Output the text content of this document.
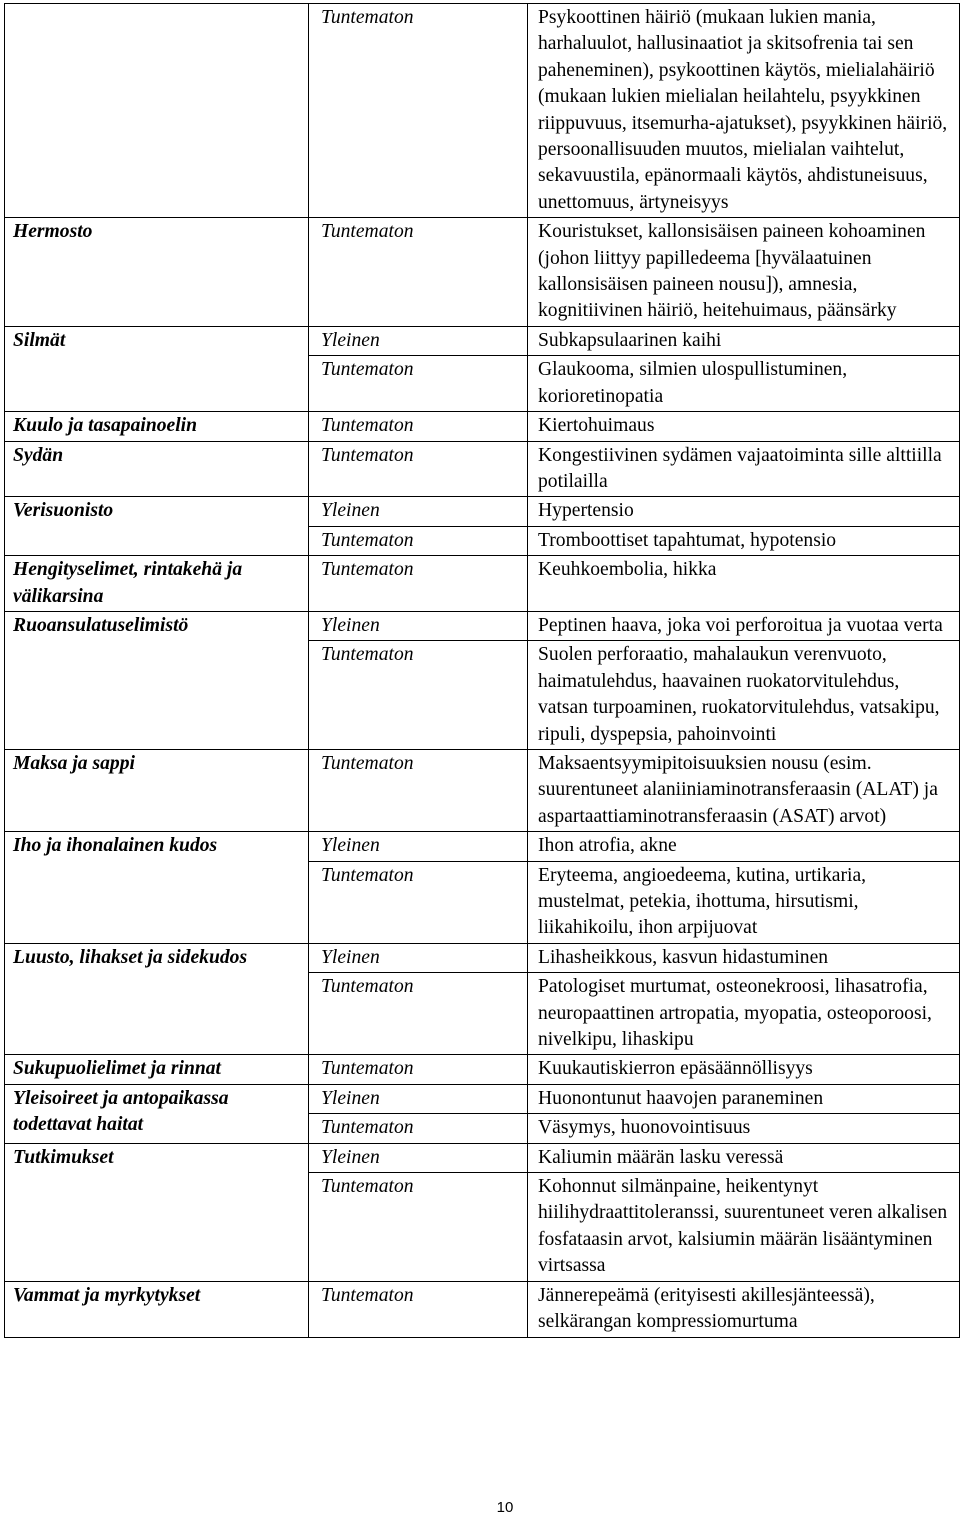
	Tuntematon	Psykoottinen häiriö (mukaan lukien mania, harhaluulot, hallusinaatiot ja skitsofrenia tai sen paheneminen), psykoottinen käytös, mielialahäiriö (mukaan lukien mielialan heilahtelu, psyykkinen riippuvuus, itsemurha-ajatukset), psyykkinen häiriö, persoonallisuuden muutos, mielialan vaihtelut, sekavuustila, epänormaali käytös, ahdistuneisuus, unettomuus, ärtyneisyys
Hermosto	Tuntematon	Kouristukset, kallonsisäisen paineen kohoaminen (johon liittyy papilledeema [hyvälaatuinen kallonsisäisen paineen nousu]), amnesia, kognitiivinen häiriö, heitehuimaus, päänsärky
Silmät	Yleinen	Subkapsulaarinen kaihi
	Tuntematon	Glaukooma, silmien ulospullistuminen, korioretinopatia
Kuulo ja tasapainoelin	Tuntematon	Kiertohuimaus
Sydän	Tuntematon	Kongestiivinen sydämen vajaatoiminta sille alttiilla potilailla
Verisuonisto	Yleinen	Hypertensio
	Tuntematon	Tromboottiset tapahtumat, hypotensio
Hengityselimet, rintakehä ja välikarsina	Tuntematon	Keuhkoembolia, hikka
Ruoansulatuselimistö	Yleinen	Peptinen haava, joka voi perforoitua ja vuotaa verta
	Tuntematon	Suolen perforaatio, mahalaukun verenvuoto, haimatulehdus, haavainen ruokatorvitulehdus, vatsan turpoaminen, ruokatorvitulehdus, vatsakipu, ripuli, dyspepsia, pahoinvointi
Maksa ja sappi	Tuntematon	Maksaentsyymipitoisuuksien nousu (esim. suurentuneet alaniiniaminotransferaasin (ALAT) ja aspartaattiaminotransferaasin (ASAT) arvot)
Iho ja ihonalainen kudos	Yleinen	Ihon atrofia, akne
	Tuntematon	Eryteema, angioedeema, kutina, urtikaria, mustelmat, petekia, ihottuma, hirsutismi, liikahikoilu, ihon arpijuovat
Luusto, lihakset ja sidekudos	Yleinen	Lihasheikkous, kasvun hidastuminen
	Tuntematon	Patologiset murtumat, osteonekroosi, lihasatrofia, neuropaattinen artropatia, myopatia, osteoporoosi, nivelkipu, lihaskipu
Sukupuolielimet ja rinnat	Tuntematon	Kuukautiskierron epäsäännöllisyys
Yleisoireet ja antopaikassa todettavat haitat	Yleinen	Huonontunut haavojen paraneminen
	Tuntematon	Väsymys, huonovointisuus
Tutkimukset	Yleinen	Kaliumin määrän lasku veressä
	Tuntematon	Kohonnut silmänpaine, heikentynyt hiilihydraattitoleranssi, suurentuneet veren alkalisen fosfataasin arvot, kalsiumin määrän lisääntyminen virtsassa
Vammat ja myrkytykset	Tuntematon	Jännerepeämä (erityisesti akillesjänteessä), selkärangan kompressiomurtuma
10
